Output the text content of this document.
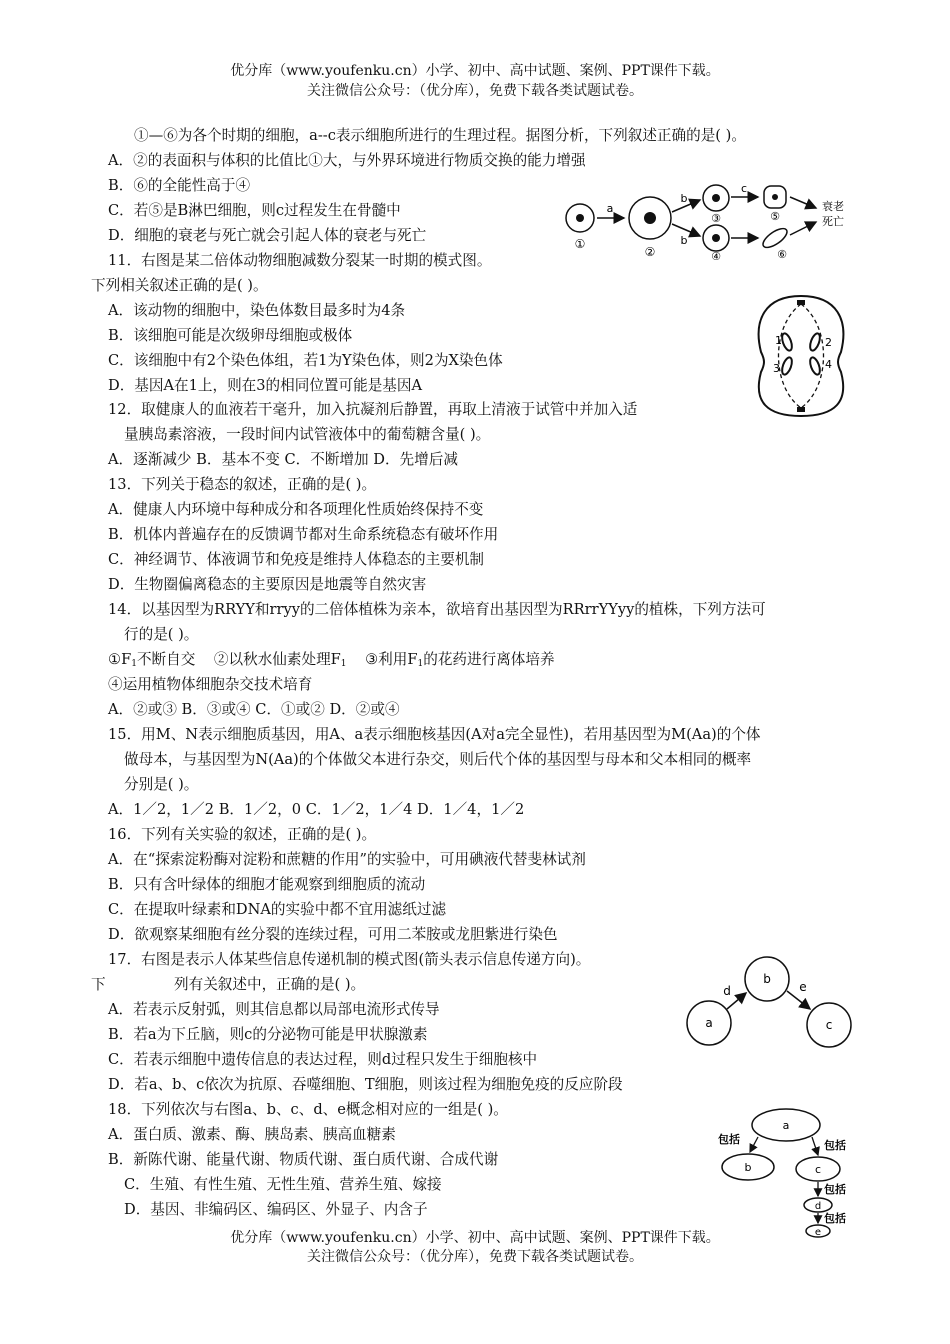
优分库（www.youfenku.cn）小学、初中、高中试题、案例、PPT课件下载。
关注微信公众号：（优分库），免费下载各类试题试卷。
①—⑥为各个时期的细胞，a--c表示细胞所进行的生理过程。据图分析，下列叙述正确的是( )。
A．②的表面积与体积的比值比①大，与外界环境进行物质交换的能力增强
B．⑥的全能性高于④
C．若⑤是B淋巴细胞，则c过程发生在骨髓中
D．细胞的衰老与死亡就会引起人体的衰老与死亡
a
b
b
c
衰老
死亡
①
②
③
④
⑤
⑥
11．右图是某二倍体动物细胞减数分裂某一时期的模式图。
下列相关叙述正确的是( )。
A．该动物的细胞中，染色体数目最多时为4条
B．该细胞可能是次级卵母细胞或极体
C．该细胞中有2个染色体组，若1为Y染色体，则2为X染色体
D．基因A在1上，则在3的相同位置可能是基因A
1	2
3	4
12．取健康人的血液若干毫升，加入抗凝剂后静置，再取上清液于试管中并加入适
量胰岛素溶液，一段时间内试管液体中的葡萄糖含量( )。
A．逐渐减少 B．基本不变 C．不断增加 D．先增后减
13．下列关于稳态的叙述，正确的是( )。
A．健康人内环境中每种成分和各项理化性质始终保持不变
B．机体内普遍存在的反馈调节都对生命系统稳态有破坏作用
C．神经调节、体液调节和免疫是维持人体稳态的主要机制
D．生物圈偏离稳态的主要原因是地震等自然灾害
14．以基因型为RRYY和rryy的二倍体植株为亲本，欲培育出基因型为RRrrYYyy的植株，下列方法可
行的是( )。
$①F_1$不断自交 ②以秋水仙素处理$F_1$ ③利用$F_1$的花药进行离体培养
④运用植物体细胞杂交技术培育
A．②或③ B．③或④ C．①或② D．②或④
15．用M、N表示细胞质基因，用A、a表示细胞核基因(A对a完全显性)，若用基因型为M(Aa)的个体
做母本，与基因型为N(Aa)的个体做父本进行杂交，则后代个体的基因型与母本和父本相同的概率
分别是( )。
A．1／2，1／2 B．1／2，0 C．1／2，1／4 D．1／4，1／2
16．下列有关实验的叙述，正确的是( )。
A．在“探索淀粉酶对淀粉和蔗糖的作用”的实验中，可用碘液代替斐林试剂
B．只有含叶绿体的细胞才能观察到细胞质的流动
C．在提取叶绿素和DNA的实验中都不宜用滤纸过滤
D．欲观察某细胞有丝分裂的连续过程，可用二苯胺或龙胆紫进行染色
17．右图是表示人体某些信息传递机制的模式图(箭头表示信息传递方向)。
下	列有关叙述中，正确的是( )。
A．若表示反射弧，则其信息都以局部电流形式传导
B．若a为下丘脑，则c的分泌物可能是甲状腺激素
C．若表示细胞中遗传信息的表达过程，则d过程只发生于细胞核中
D．若a、b、c依次为抗原、吞噬细胞、T细胞，则该过程为细胞免疫的反应阶段
a
b
c
d	e
18．下列依次与右图a、b、c、d、e概念相对应的一组是( )。
A．蛋白质、激素、酶、胰岛素、胰高血糖素
B．新陈代谢、能量代谢、物质代谢、蛋白质代谢、合成代谢
C．生殖、有性生殖、无性生殖、营养生殖、嫁接
D．基因、非编码区、编码区、外显子、内含子
a
b	c
d
e
包括	包括
包括
包括
优分库（www.youfenku.cn）小学、初中、高中试题、案例、PPT课件下载。
关注微信公众号：（优分库），免费下载各类试题试卷。
